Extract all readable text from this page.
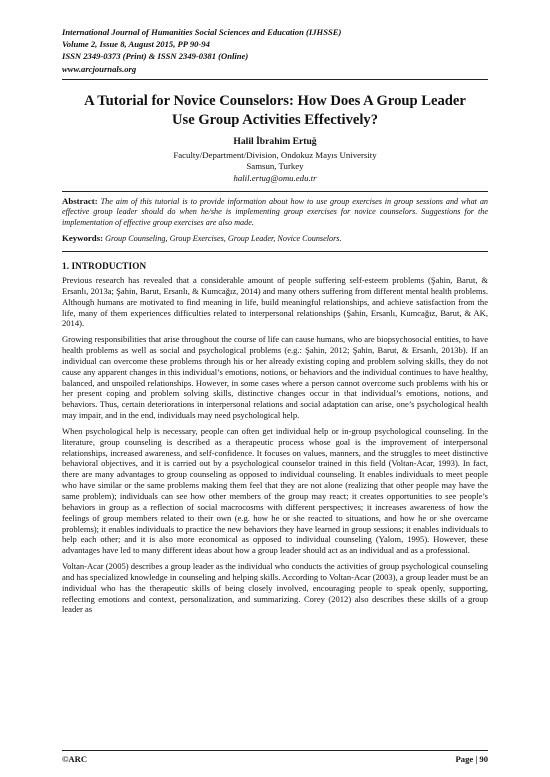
International Journal of Humanities Social Sciences and Education (IJHSSE)
Volume 2, Issue 8, August 2015, PP 90-94
ISSN 2349-0373 (Print) & ISSN 2349-0381 (Online)
www.arcjournals.org
A Tutorial for Novice Counselors: How Does A Group Leader Use Group Activities Effectively?
Halil İbrahim Ertuğ
Faculty/Department/Division, Ondokuz Mayıs University
Samsun, Turkey
halil.ertug@omu.edu.tr

Abstract: The aim of this tutorial is to provide information about how to use group exercises in group sessions and what an effective group leader should do when he/she is implementing group exercises for novice counselors. Suggestions for the implementation of effective group exercises are also made.

Keywords: Group Counseling, Group Exercises, Group Leader, Novice Counselors.

1. INTRODUCTION

Previous research has revealed that a considerable amount of people suffering self-esteem problems (Şahin, Barut, & Ersanlı, 2013a; Şahin, Barut, Ersanlı, & Kumcağız, 2014) and many others suffering from different mental health problems. Although humans are motivated to find meaning in life, build meaningful relationships, and achieve satisfaction from the life, many of them experiences difficulties related to interpersonal relationships (Şahin, Ersanlı, Kumcağız, Barut, & AK, 2014).

Growing responsibilities that arise throughout the course of life can cause humans, who are biopsychosocial entities, to have health problems as well as social and psychological problems (e.g.: Şahin, 2012; Şahin, Barut, & Ersanlı, 2013b). If an individual can overcome these problems through his or her already existing coping and problem solving skills, they do not cause any apparent changes in this individual’s emotions, notions, or behaviors and the individual continues to have healthy, balanced, and unspoiled relationships. However, in some cases where a person cannot overcome such problems with his or her present coping and problem solving skills, distinctive changes occur in that individual’s emotions, notions, and behaviors. Thus, certain deteriorations in interpersonal relations and social adaptation can arise, one’s psychological health may impair, and in the end, individuals may need psychological help.

When psychological help is necessary, people can often get individual help or in-group psychological counseling. In the literature, group counseling is described as a therapeutic process whose goal is the improvement of interpersonal relationships, increased awareness, and self-confidence. It focuses on values, manners, and the struggles to meet distinctive behavioral objectives, and it is carried out by a psychological counselor trained in this field (Voltan-Acar, 1993). In fact, there are many advantages to group counseling as opposed to individual counseling. It enables individuals to meet people who have similar or the same problems making them feel that they are not alone (realizing that other people may have the same problem); individuals can see how other members of the group may react; it creates opportunities to see people’s behaviors in group as a reflection of social macrocosms with different perspectives; it increases awareness of how the feelings of group members related to their own (e.g. how he or she reacted to situations, and how he or she overcame problems); it enables individuals to practice the new behaviors they have learned in group sessions; it enables individuals to help each other; and it is also more economical as opposed to individual counseling (Yalom, 1995). However, these advantages have led to many different ideas about how a group leader should act as an individual and as a professional.

Voltan-Acar (2005) describes a group leader as the individual who conducts the activities of group psychological counseling and has specialized knowledge in counseling and helping skills. According to Voltan-Acar (2003), a group leader must be an individual who has the therapeutic skills of being closely involved, encouraging people to speak openly, supporting, reflecting emotions and context, personalization, and summarizing. Corey (2012) also describes these skills of a group leader as

©ARC	Page | 90
